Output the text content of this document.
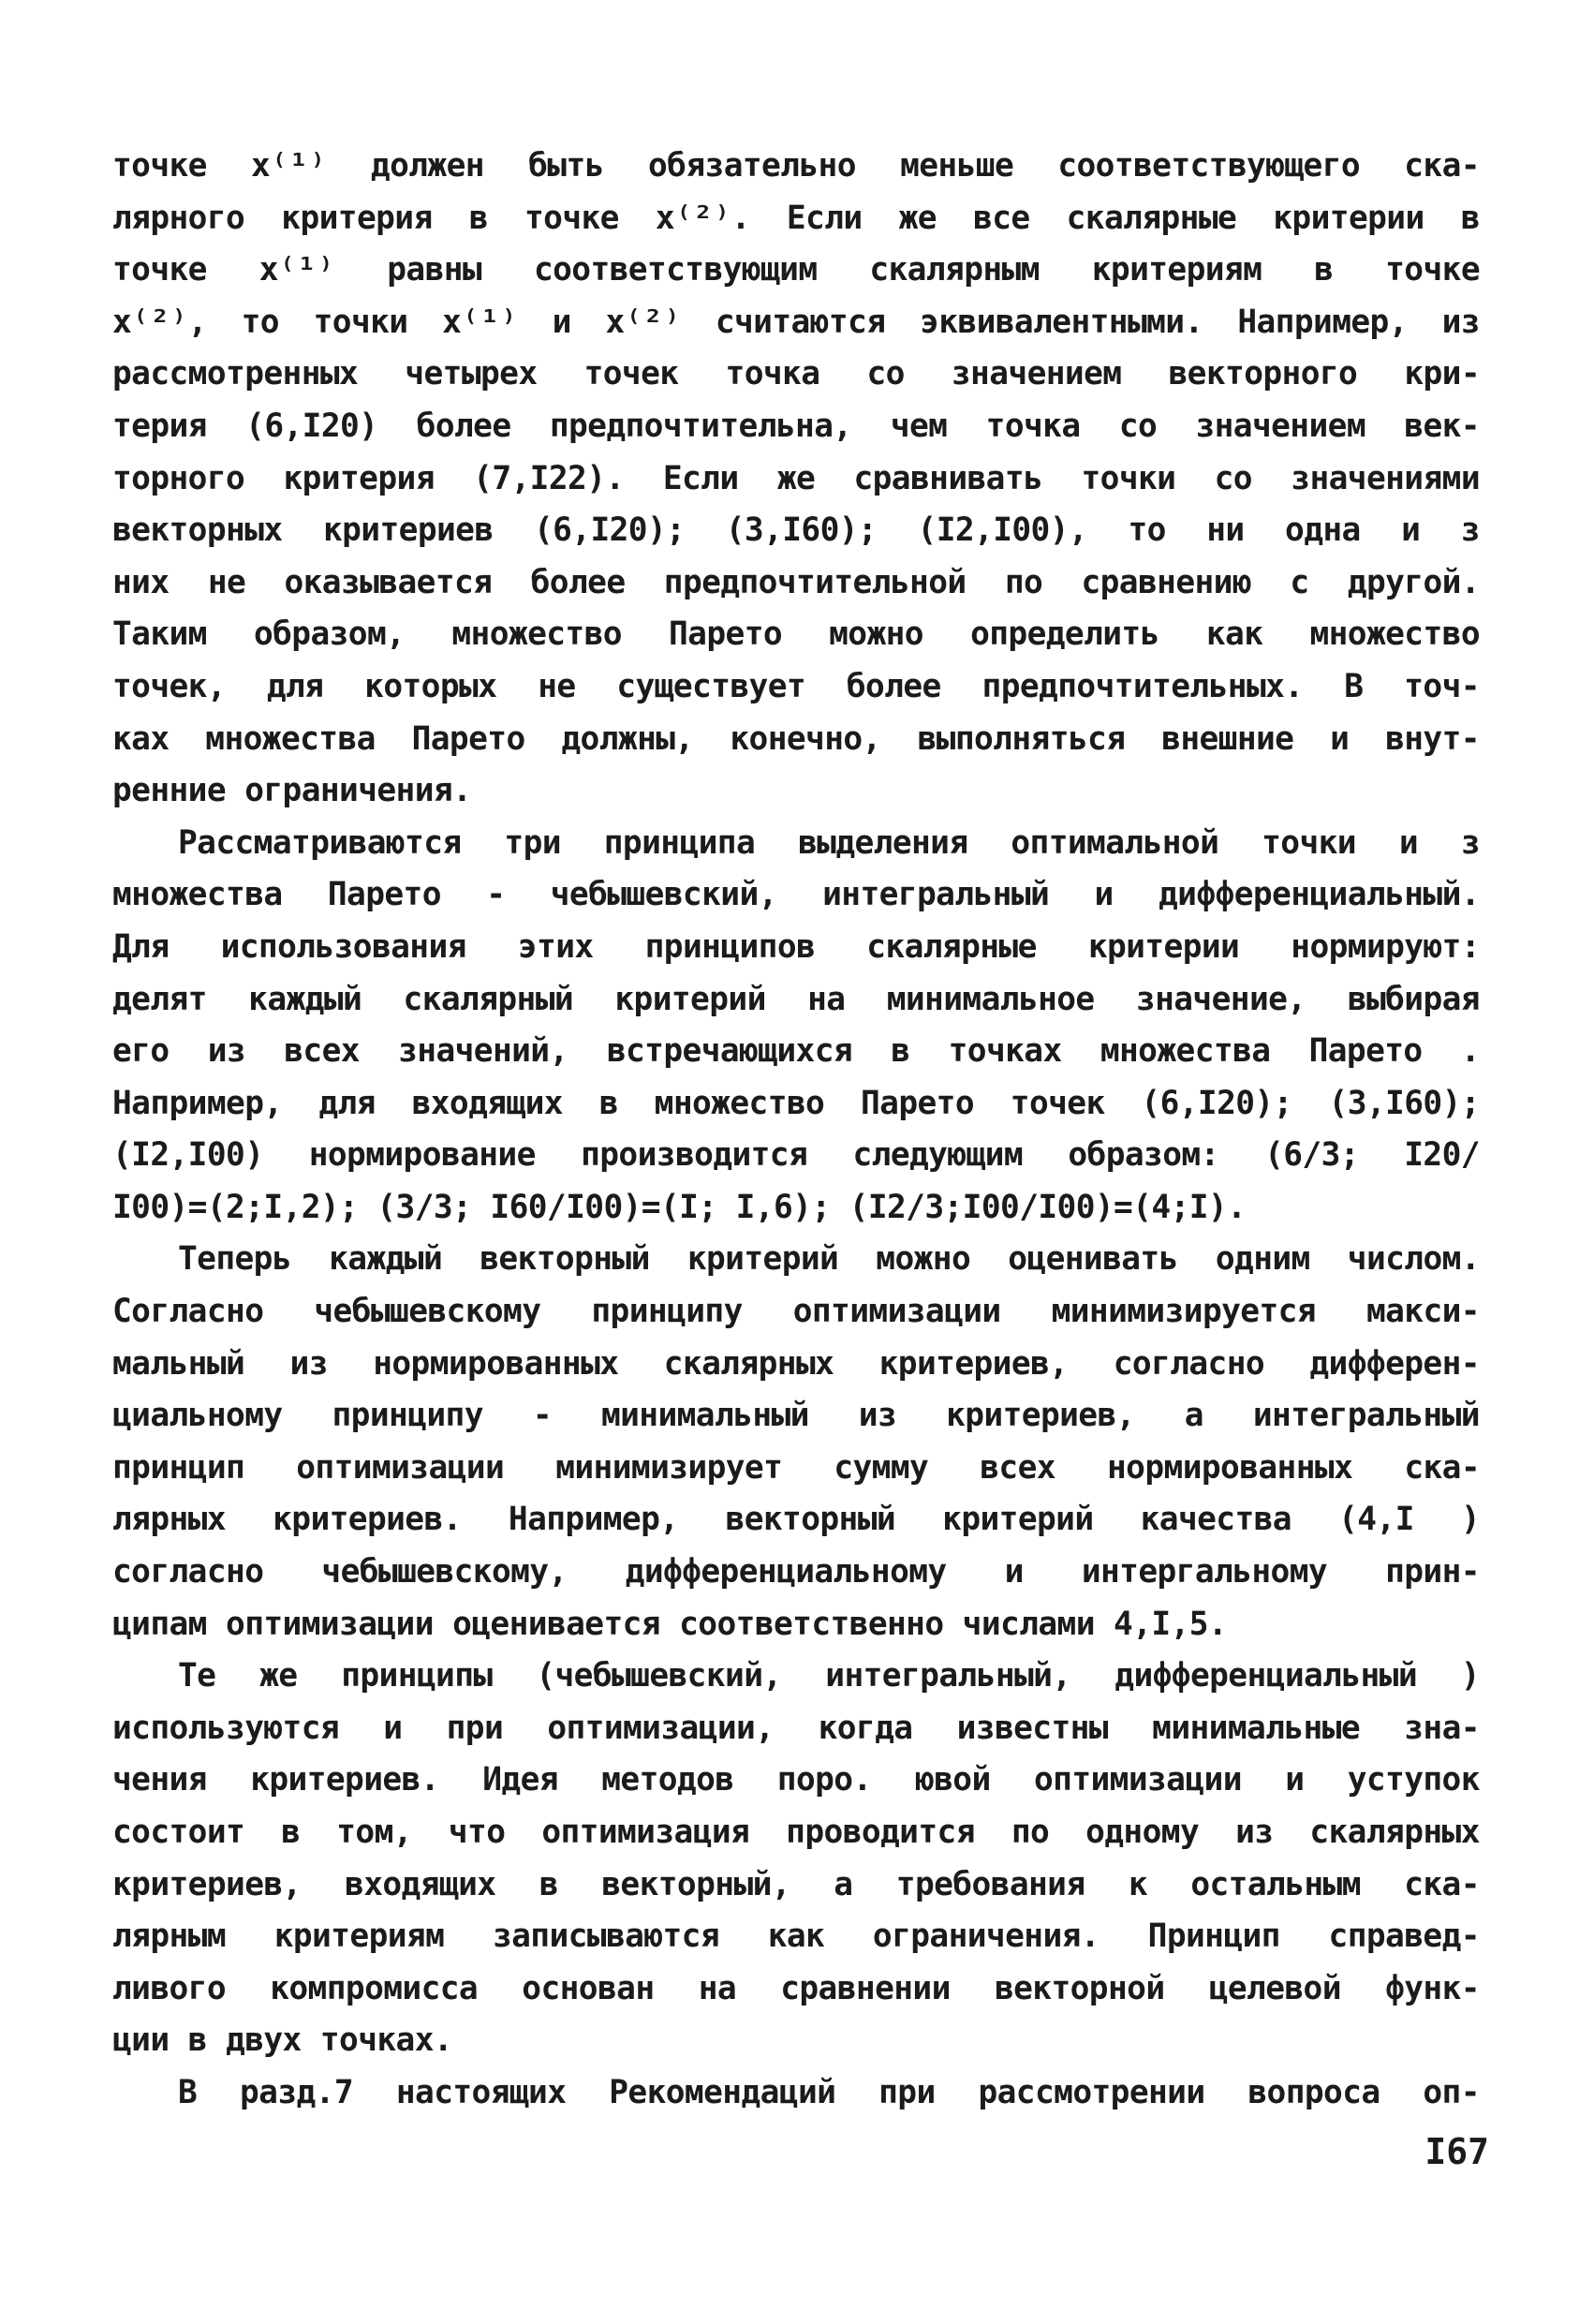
точке x⁽¹⁾ должен быть обязательно меньше соответствующего ска-
лярного критерия в точке x⁽²⁾. Если же все скалярные критерии в
точке x⁽¹⁾ равны соответствующим скалярным критериям в точке
x⁽²⁾, то точки x⁽¹⁾ и x⁽²⁾ считаются эквивалентными. Например, из
рассмотренных четырех точек точка со значением векторного кри-
терия (6,I20) более предпочтительна, чем точка со значением век-
торного критерия (7,I22). Если же сравнивать точки со значениями
векторных критериев (6,I20); (3,I60); (I2,I00), то ни одна и з
них не оказывается более предпочтительной по сравнению с другой.
Таким образом, множество Парето можно определить как множество
точек, для которых не существует более предпочтительных. В точ-
ках множества Парето должны, конечно, выполняться внешние и внут-
ренние ограничения.
Рассматриваются три принципа выделения оптимальной точки и з
множества Парето - чебышевский, интегральный и дифференциальный.
Для использования этих принципов скалярные критерии нормируют:
делят каждый скалярный критерий на минимальное значение, выбирая
его из всех значений, встречающихся в точках множества Парето .
Например, для входящих в множество Парето точек (6,I20); (3,I60);
(I2,I00) нормирование производится следующим образом: (6/3; I20/
I00)=(2;I,2); (3/3; I60/I00)=(I; I,6); (I2/3;I00/I00)=(4;I).
Теперь каждый векторный критерий можно оценивать одним числом.
Согласно чебышевскому принципу оптимизации минимизируется макси-
мальный из нормированных скалярных критериев, согласно дифферен-
циальному принципу - минимальный из критериев, а интегральный
принцип оптимизации минимизирует сумму всех нормированных ска-
лярных критериев. Например, векторный критерий качества (4,I )
согласно чебышевскому, дифференциальному и интергальному прин-
ципам оптимизации оценивается соответственно числами 4,I,5.
Те же принципы (чебышевский, интегральный, дифференциальный )
используются и при оптимизации, когда известны минимальные зна-
чения критериев. Идея методов поро. ювой оптимизации и уступок
состоит в том, что оптимизация проводится по одному из скалярных
критериев, входящих в векторный, а требования к остальным ска-
лярным критериям записываются как ограничения. Принцип справед-
ливого компромисса основан на сравнении векторной целевой функ-
ции в двух точках.
В разд.7 настоящих Рекомендаций при рассмотрении вопроса оп-
I67
